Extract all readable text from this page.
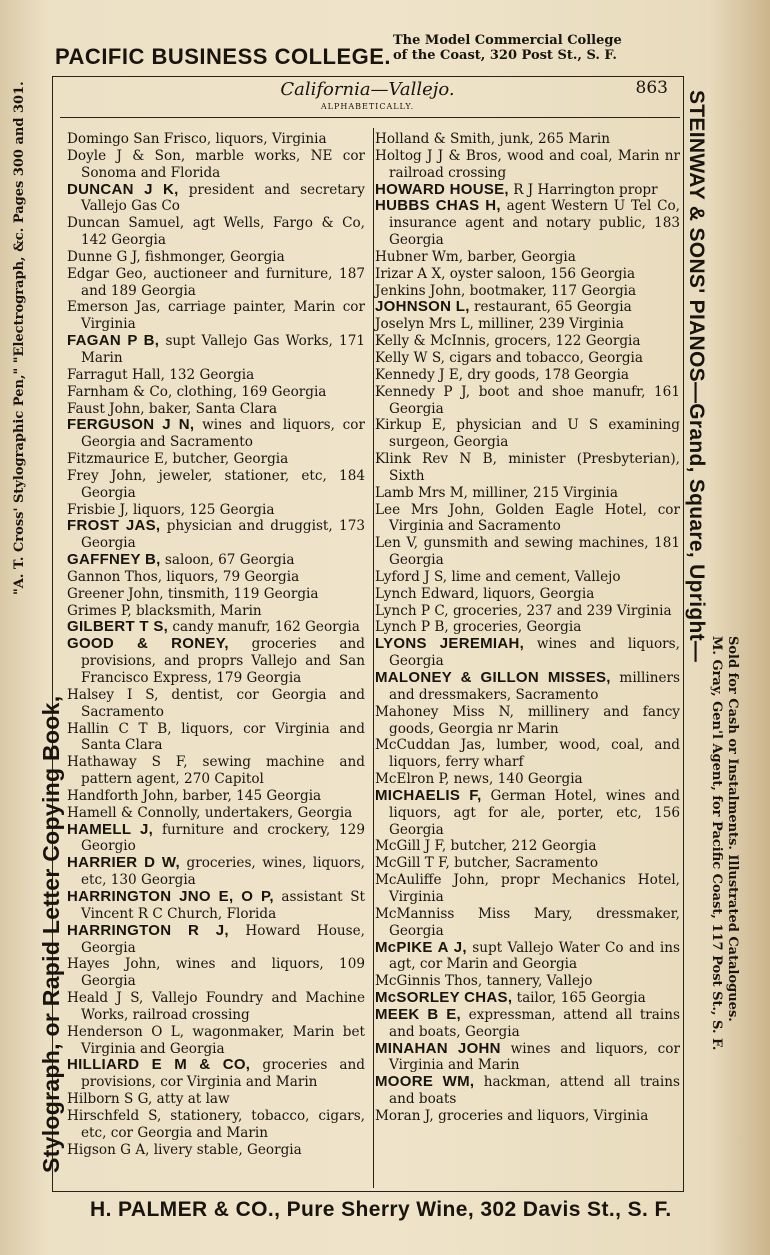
PACIFIC BUSINESS COLLEGE.
The Model Commercial College
of the Coast, 320 Post St., S. F.
California—Vallejo.	863
ALPHABETICALLY.

Domingo San Frisco, liquors, Virginia

Doyle J & Son, marble works, NE cor Sonoma and Florida

DUNCAN J K, president and secretary Vallejo Gas Co

Duncan Samuel, agt Wells, Fargo & Co, 142 Georgia

Dunne G J, fishmonger, Georgia

Edgar Geo, auctioneer and furniture, 187 and 189 Georgia

Emerson Jas, carriage painter, Marin cor Virginia

FAGAN P B, supt Vallejo Gas Works, 171 Marin

Farragut Hall, 132 Georgia

Farnham & Co, clothing, 169 Georgia

Faust John, baker, Santa Clara

FERGUSON J N, wines and liquors, cor Georgia and Sacramento

Fitzmaurice E, butcher, Georgia

Frey John, jeweler, stationer, etc, 184 Georgia

Frisbie J, liquors, 125 Georgia

FROST JAS, physician and druggist, 173 Georgia

GAFFNEY B, saloon, 67 Georgia

Gannon Thos, liquors, 79 Georgia

Greener John, tinsmith, 119 Georgia

Grimes P, blacksmith, Marin

GILBERT T S, candy manufr, 162 Georgia

GOOD & RONEY, groceries and provisions, and proprs Vallejo and San Francisco Express, 179 Georgia

Halsey I S, dentist, cor Georgia and Sacramento

Hallin C T B, liquors, cor Virginia and Santa Clara

Hathaway S F, sewing machine and pattern agent, 270 Capitol

Handforth John, barber, 145 Georgia

Hamell & Connolly, undertakers, Georgia

HAMELL J, furniture and crockery, 129 Georgio

HARRIER D W, groceries, wines, liquors, etc, 130 Georgia

HARRINGTON JNO E, O P, assistant St Vincent R C Church, Florida

HARRINGTON R J, Howard House, Georgia

Hayes John, wines and liquors, 109 Georgia

Heald J S, Vallejo Foundry and Machine Works, railroad crossing

Henderson O L, wagonmaker, Marin bet Virginia and Georgia

HILLIARD E M & CO, groceries and provisions, cor Virginia and Marin

Hilborn S G, atty at law

Hirschfeld S, stationery, tobacco, cigars, etc, cor Georgia and Marin

Higson G A, livery stable, Georgia

Holland & Smith, junk, 265 Marin

Holtog J J & Bros, wood and coal, Marin nr railroad crossing

HOWARD HOUSE, R J Harrington propr

HUBBS CHAS H, agent Western U Tel Co, insurance agent and notary public, 183 Georgia

Hubner Wm, barber, Georgia

Irizar A X, oyster saloon, 156 Georgia

Jenkins John, bootmaker, 117 Georgia

JOHNSON L, restaurant, 65 Georgia

Joselyn Mrs L, milliner, 239 Virginia

Kelly & McInnis, grocers, 122 Georgia

Kelly W S, cigars and tobacco, Georgia

Kennedy J E, dry goods, 178 Georgia

Kennedy P J, boot and shoe manufr, 161 Georgia

Kirkup E, physician and U S examining surgeon, Georgia

Klink Rev N B, minister (Presbyterian), Sixth

Lamb Mrs M, milliner, 215 Virginia

Lee Mrs John, Golden Eagle Hotel, cor Virginia and Sacramento

Len V, gunsmith and sewing machines, 181 Georgia

Lyford J S, lime and cement, Vallejo

Lynch Edward, liquors, Georgia

Lynch P C, groceries, 237 and 239 Virginia

Lynch P B, groceries, Georgia

LYONS JEREMIAH, wines and liquors, Georgia

MALONEY & GILLON MISSES, milliners and dressmakers, Sacramento

Mahoney Miss N, millinery and fancy goods, Georgia nr Marin

McCuddan Jas, lumber, wood, coal, and liquors, ferry wharf

McElron P, news, 140 Georgia

MICHAELIS F, German Hotel, wines and liquors, agt for ale, porter, etc, 156 Georgia

McGill J F, butcher, 212 Georgia

McGill T F, butcher, Sacramento

McAuliffe John, propr Mechanics Hotel, Virginia

McManniss Miss Mary, dressmaker, Georgia

McPIKE A J, supt Vallejo Water Co and ins agt, cor Marin and Georgia

McGinnis Thos, tannery, Vallejo

McSORLEY CHAS, tailor, 165 Georgia

MEEK B E, expressman, attend all trains and boats, Georgia

MINAHAN JOHN wines and liquors, cor Virginia and Marin

MOORE WM, hackman, attend all trains and boats

Moran J, groceries and liquors, Virginia

"A. T. Cross' Stylographic Pen," "Electrograph, &c. Pages 300 and 301.
Stylograph, or Rapid Letter Copying Book,
STEINWAY & SONS' PIANOS—Grand, Square, Upright—
Sold for Cash or Instalments. Illustrated Catalogues.
M. Gray, Gen'l Agent, for Pacific Coast, 117 Post St., S. F.
H. PALMER & CO., Pure Sherry Wine, 302 Davis St., S. F.
